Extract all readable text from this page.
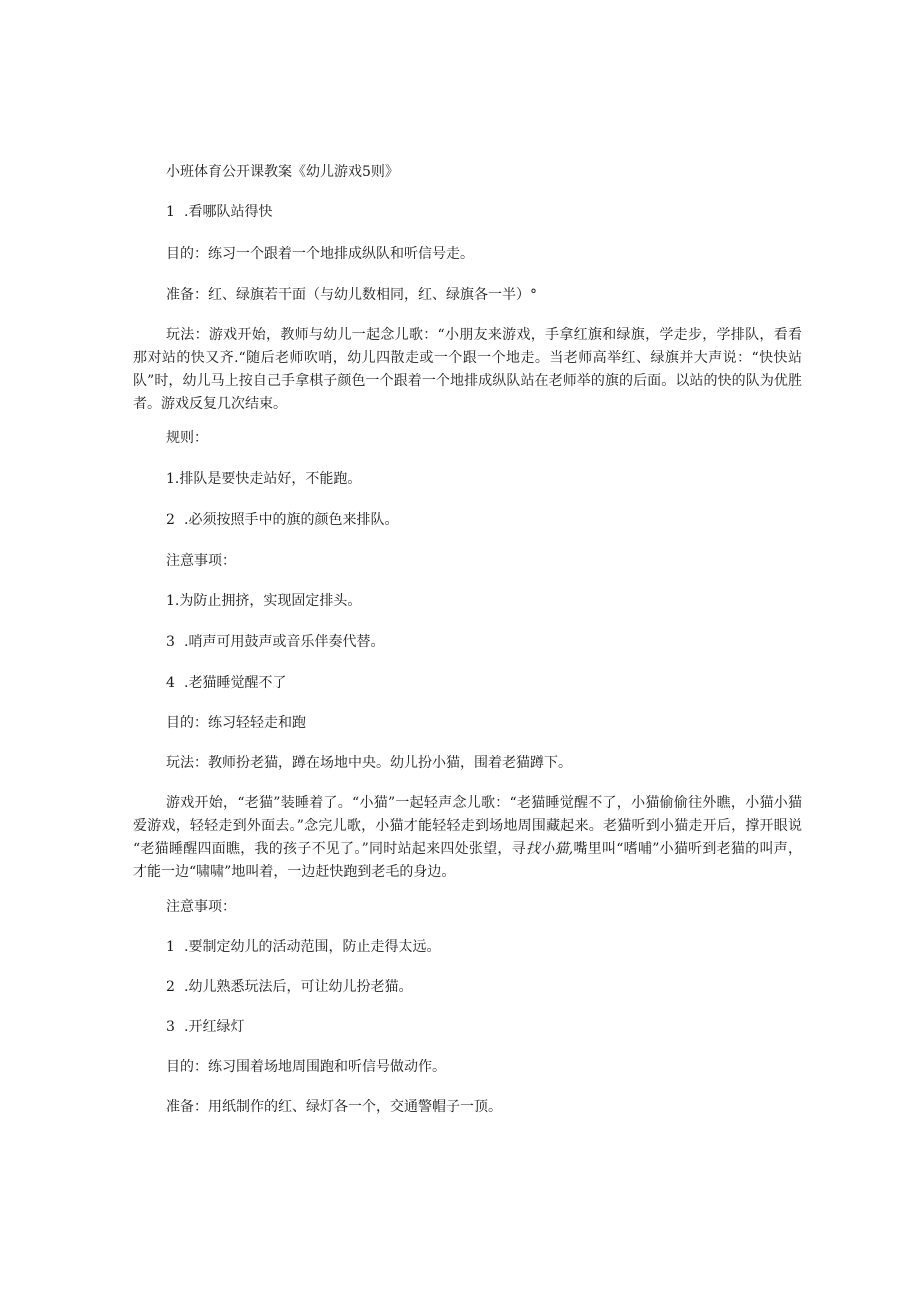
小班体育公开课教案《幼儿游戏5则》

1 .看哪队站得快

目的：练习一个跟着一个地排成纵队和听信号走。

准备：红、绿旗若干面（与幼儿数相同，红、绿旗各一半）°

玩法：游戏开始，教师与幼儿一起念儿歌：“小朋友来游戏，手拿红旗和绿旗，学走步，学排队，看看那对站的快又齐.“随后老师吹哨，幼儿四散走或一个跟一个地走。当老师高举红、绿旗并大声说：“快快站队”时，幼儿马上按自己手拿棋子颜色一个跟着一个地排成纵队站在老师举的旗的后面。以站的快的队为优胜者。游戏反复几次结束。

规则：

1.排队是要快走站好，不能跑。

2 .必须按照手中的旗的颜色来排队。

注意事项：

1.为防止拥挤，实现固定排头。

3 .哨声可用鼓声或音乐伴奏代替。

4 .老猫睡觉醒不了

目的：练习轻轻走和跑

玩法：教师扮老猫，蹲在场地中央。幼儿扮小猫，围着老猫蹲下。

游戏开始，“老猫”装睡着了。“小猫”一起轻声念儿歌：“老猫睡觉醒不了，小猫偷偷往外瞧，小猫小猫爱游戏，轻轻走到外面去。”念完儿歌，小猫才能轻轻走到场地周围藏起来。老猫听到小猫走开后，撑开眼说 “老猫睡醒四面瞧，我的孩子不见了。”同时站起来四处张望，寻找小猫,嘴里叫“嗜哺”小猫听到老猫的叫声，才能一边“啸啸”地叫着，一边赶快跑到老毛的身边。

注意事项：

1 .要制定幼儿的活动范围，防止走得太远。

2 .幼儿熟悉玩法后，可让幼儿扮老猫。

3 .开红绿灯

目的：练习围着场地周围跑和听信号做动作。

准备：用纸制作的红、绿灯各一个，交通警帽子一顶。
